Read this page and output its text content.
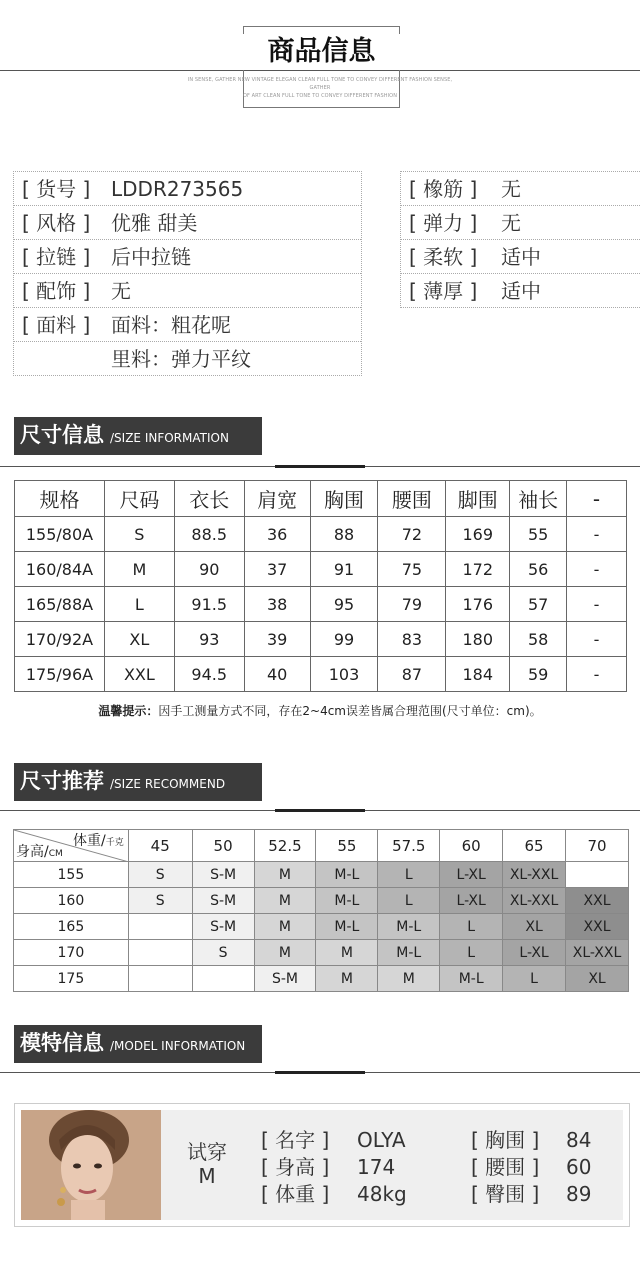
商品信息
IN SENSE, GATHER NEW VINTAGE ELEGAN CLEAN FULL TONE TO CONVEY DIFFERENT FASHION SENSE, GATHER
OF ART CLEAN FULL TONE TO CONVEY DIFFERENT FASHION
[ 货号 ] LDDR273565
[ 风格 ] 优雅 甜美
[ 拉链 ] 后中拉链
[ 配饰 ] 无
[ 面料 ] 面料：粗花呢
里料：弹力平纹
[ 橡筋 ] 无
[ 弹力 ] 无
[ 柔软 ] 适中
[ 薄厚 ] 适中
尺寸信息 /SIZE INFORMATION
规格	尺码	衣长	肩宽	胸围	腰围	脚围	袖长	-
155/80A	S	88.5	36	88	72	169	55	-
160/84A	M	90	37	91	75	172	56	-
165/88A	L	91.5	38	95	79	176	57	-
170/92A	XL	93	39	99	83	180	58	-
175/96A	XXL	94.5	40	103	87	184	59	-
温馨提示：因手工测量方式不同，存在2~4cm误差皆属合理范围(尺寸单位：cm)。
尺寸推荐 /SIZE RECOMMEND
体重/千克
身高/CM	45	50	52.5	55	57.5	60	65	70
155	S	S-M	M	M-L	L	L-XL	XL-XXL	
160	S	S-M	M	M-L	L	L-XL	XL-XXL	XXL
165		S-M	M	M-L	M-L	L	XL	XXL
170		S	M	M	M-L	L	L-XL	XL-XXL
175			S-M	M	M	M-L	L	XL
模特信息 /MODEL INFORMATION
试穿
M
[ 名字 ] OLYA
[ 身高 ] 174
[ 体重 ] 48kg
[ 胸围 ] 84
[ 腰围 ] 60
[ 臀围 ] 89
